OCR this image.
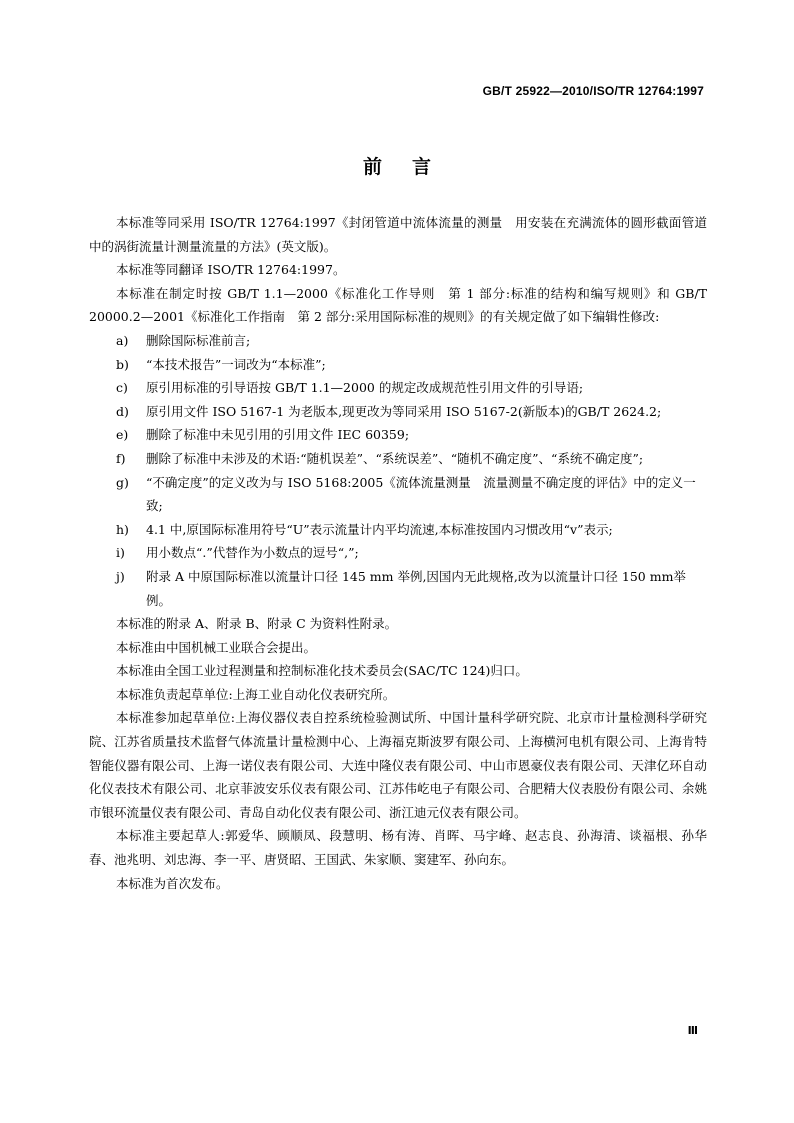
GB/T 25922—2010/ISO/TR 12764:1997
前言

本标准等同采用 ISO/TR 12764:1997《封闭管道中流体流量的测量　用安装在充满流体的圆形截面管道中的涡街流量计测量流量的方法》(英文版)。

本标准等同翻译 ISO/TR 12764:1997。

本标准在制定时按 GB/T 1.1—2000《标准化工作导则　第 1 部分:标准的结构和编写规则》和 GB/T 20000.2—2001《标准化工作指南　第 2 部分:采用国际标准的规则》的有关规定做了如下编辑性修改:

a)	删除国际标准前言;
b)	“本技术报告”一词改为“本标准”;
c)	原引用标准的引导语按 GB/T 1.1—2000 的规定改成规范性引用文件的引导语;
d)	原引用文件 ISO 5167-1 为老版本,现更改为等同采用 ISO 5167-2(新版本)的GB/T 2624.2;
e)	删除了标准中未见引用的引用文件 IEC 60359;
f)	删除了标准中未涉及的术语:“随机误差”、“系统误差”、“随机不确定度”、“系统不确定度”;
g)	“不确定度”的定义改为与 ISO 5168:2005《流体流量测量　流量测量不确定度的评估》中的定义一致;
h)	4.1 中,原国际标准用符号“U”表示流量计内平均流速,本标准按国内习惯改用“v”表示;
i)	用小数点“.”代替作为小数点的逗号“,”;
j)	附录 A 中原国际标准以流量计口径 145 mm 举例,因国内无此规格,改为以流量计口径 150 mm举例。

本标准的附录 A、附录 B、附录 C 为资料性附录。

本标准由中国机械工业联合会提出。

本标准由全国工业过程测量和控制标准化技术委员会(SAC/TC 124)归口。

本标准负责起草单位:上海工业自动化仪表研究所。

本标准参加起草单位:上海仪器仪表自控系统检验测试所、中国计量科学研究院、北京市计量检测科学研究院、江苏省质量技术监督气体流量计量检测中心、上海福克斯波罗有限公司、上海横河电机有限公司、上海肯特智能仪器有限公司、上海一诺仪表有限公司、大连中隆仪表有限公司、中山市恩豪仪表有限公司、天津亿环自动化仪表技术有限公司、北京菲波安乐仪表有限公司、江苏伟屹电子有限公司、合肥精大仪表股份有限公司、余姚市银环流量仪表有限公司、青岛自动化仪表有限公司、浙江迪元仪表有限公司。

本标准主要起草人:郭爱华、顾顺凤、段慧明、杨有涛、肖晖、马宇峰、赵志良、孙海清、谈福根、孙华春、池兆明、刘忠海、李一平、唐贤昭、王国武、朱家顺、窦建军、孙向东。

本标准为首次发布。

Ⅲ
